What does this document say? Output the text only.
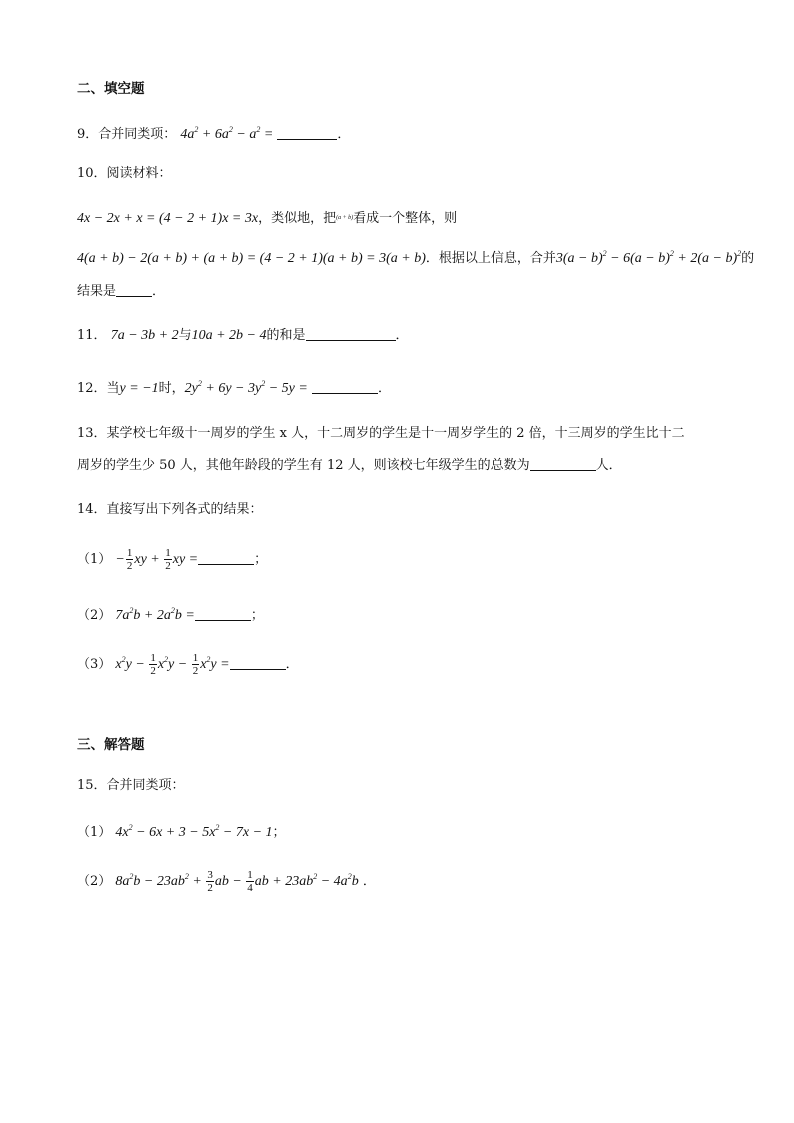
二、填空题
9．合并同类项： $4a^2 + 6a^2 - a^2$ =	．
10．阅读材料：
4x − 2x + x = (4 − 2 + 1)x = 3x，类似地，把$^{(a + b)}$看成一个整体，则
4(a + b) − 2(a + b) + (a + b) = (4 − 2 + 1)(a + b) = 3(a + b)．根据以上信息，合并$3(a - b)^2 - 6(a - b)^2 + 2(a - b)^2$的
结果是	．
11． 7a − 3b + 2与10a + 2b − 4的和是	．
12．当y = −1时，$2y^2 + 6y - 3y^2 - 5y$ =	．
13．某学校七年级十一周岁的学生 x 人，十二周岁的学生是十一周岁学生的 2 倍，十三周岁的学生比十二
周岁的学生少 50 人，其他年龄段的学生有 12 人，则该校七年级学生的总数为	人．
14．直接写出下列各式的结果：
$(1) - \frac{1}{2}$ xy + $\frac{1}{2}$ xy =	；
（2） $7a^2b + 2a^2b$ =	；
（3） $x^2y - \frac{1}{2} x^2y - \frac{1}{2} x^2y$ =	．
三、解答题
15．合并同类项：
（1） $4x^2 - 6x + 3 - 5x^2 - 7x - 1$；
（2） $8a^2b - 23ab^2 + \frac{3}{2}$ ab − $\frac{1}{4}$ ab + $23ab^2 - 4a^2b$ ．
